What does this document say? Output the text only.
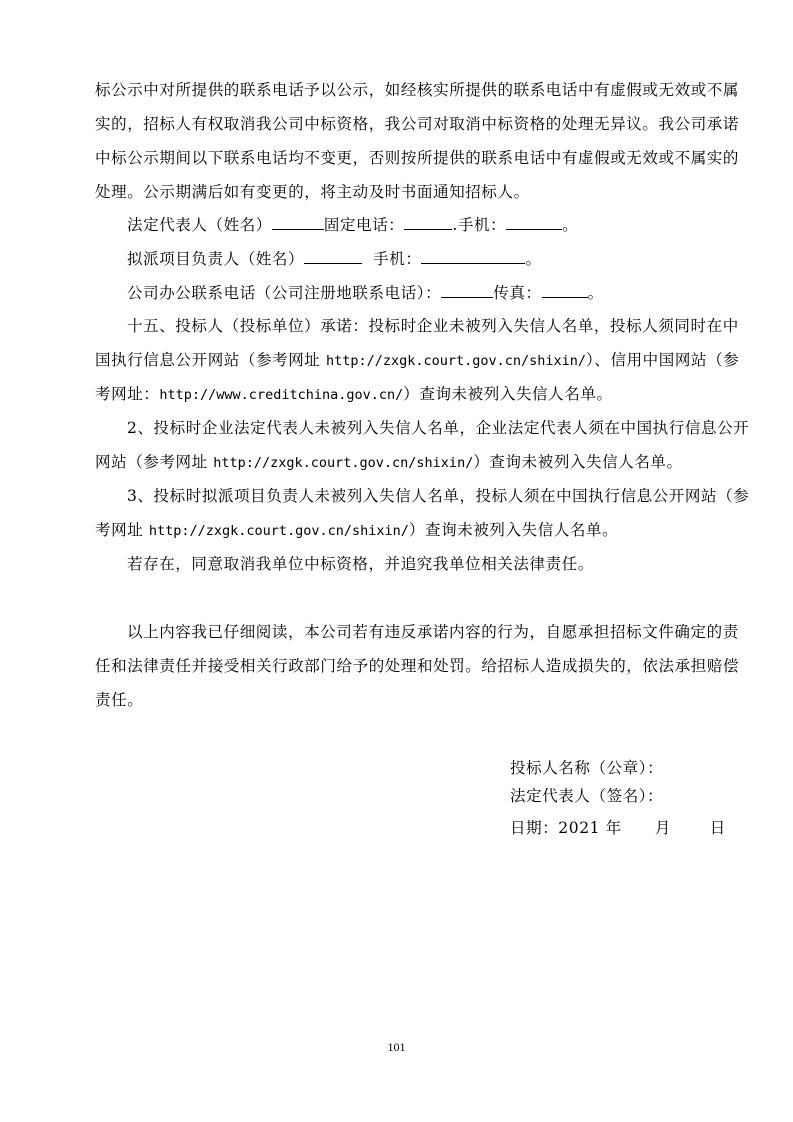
标公示中对所提供的联系电话予以公示，如经核实所提供的联系电话中有虚假或无效或不属
实的，招标人有权取消我公司中标资格，我公司对取消中标资格的处理无异议。我公司承诺
中标公示期间以下联系电话均不变更，否则按所提供的联系电话中有虚假或无效或不属实的
处理。公示期满后如有变更的，将主动及时书面通知招标人。
法定代表人（姓名）	固定电话：	.手机：	。
拟派项目负责人（姓名）	手机：	。
公司办公联系电话（公司注册地联系电话）：	传真：	。
十五、投标人（投标单位）承诺：投标时企业未被列入失信人名单，投标人须同时在中
国执行信息公开网站（参考网址 http://zxgk.court.gov.cn/shixin/）、信用中国网站（参
考网址：http://www.creditchina.gov.cn/）查询未被列入失信人名单。
2、投标时企业法定代表人未被列入失信人名单，企业法定代表人须在中国执行信息公开
网站（参考网址 http://zxgk.court.gov.cn/shixin/）查询未被列入失信人名单。
3、投标时拟派项目负责人未被列入失信人名单，投标人须在中国执行信息公开网站（参
考网址 http://zxgk.court.gov.cn/shixin/）查询未被列入失信人名单。
若存在，同意取消我单位中标资格，并追究我单位相关法律责任。
以上内容我已仔细阅读，本公司若有违反承诺内容的行为，自愿承担招标文件确定的责
任和法律责任并接受相关行政部门给予的处理和处罚。给招标人造成损失的，依法承担赔偿
责任。
投标人名称（公章）：
法定代表人（签名）：
日期：2021 年      月       日
101
